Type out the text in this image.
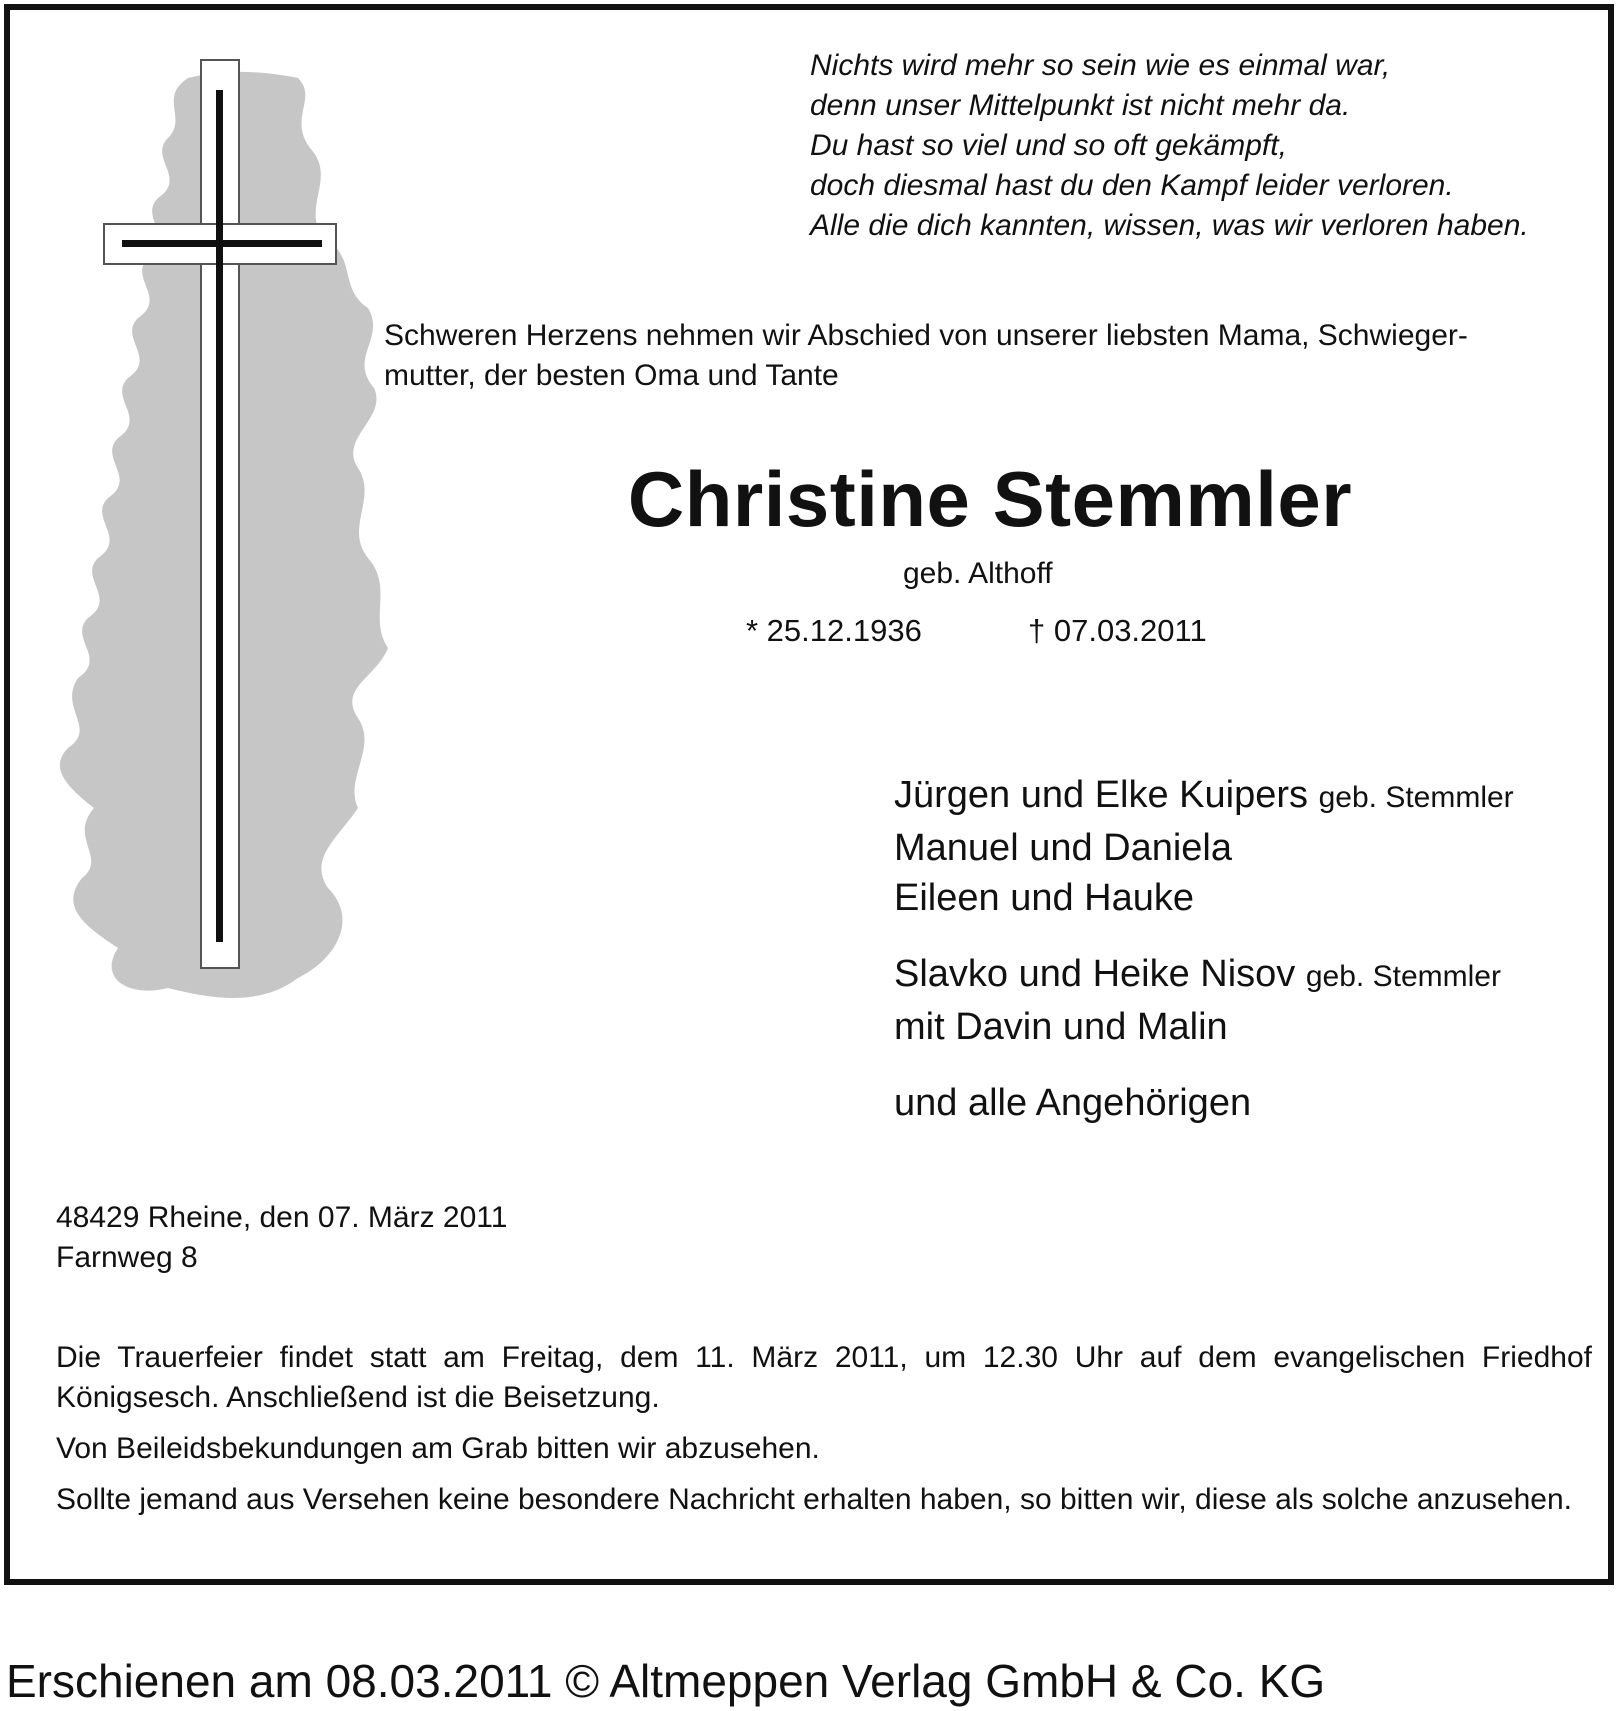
Nichts wird mehr so sein wie es einmal war,
denn unser Mittelpunkt ist nicht mehr da.
Du hast so viel und so oft gekämpft,
doch diesmal hast du den Kampf leider verloren.
Alle die dich kannten, wissen, was wir verloren haben.
Schweren Herzens nehmen wir Abschied von unserer liebsten Mama, Schwieger-
mutter, der besten Oma und Tante
Christine Stemmler
geb. Althoff
* 25.12.1936	† 07.03.2011
Jürgen und Elke Kuipers geb. Stemmler
Manuel und Daniela
Eileen und Hauke
Slavko und Heike Nisov geb. Stemmler
mit Davin und Malin
und alle Angehörigen
48429 Rheine, den 07. März 2011
Farnweg 8

Die Trauerfeier findet statt am Freitag, dem 11. März 2011, um 12.30 Uhr auf dem evangelischen Friedhof Königsesch. Anschließend ist die Beisetzung.

Von Beileidsbekundungen am Grab bitten wir abzusehen.

Sollte jemand aus Versehen keine besondere Nachricht erhalten haben, so bitten wir, diese als solche anzusehen.

Erschienen am 08.03.2011 © Altmeppen Verlag GmbH & Co. KG
